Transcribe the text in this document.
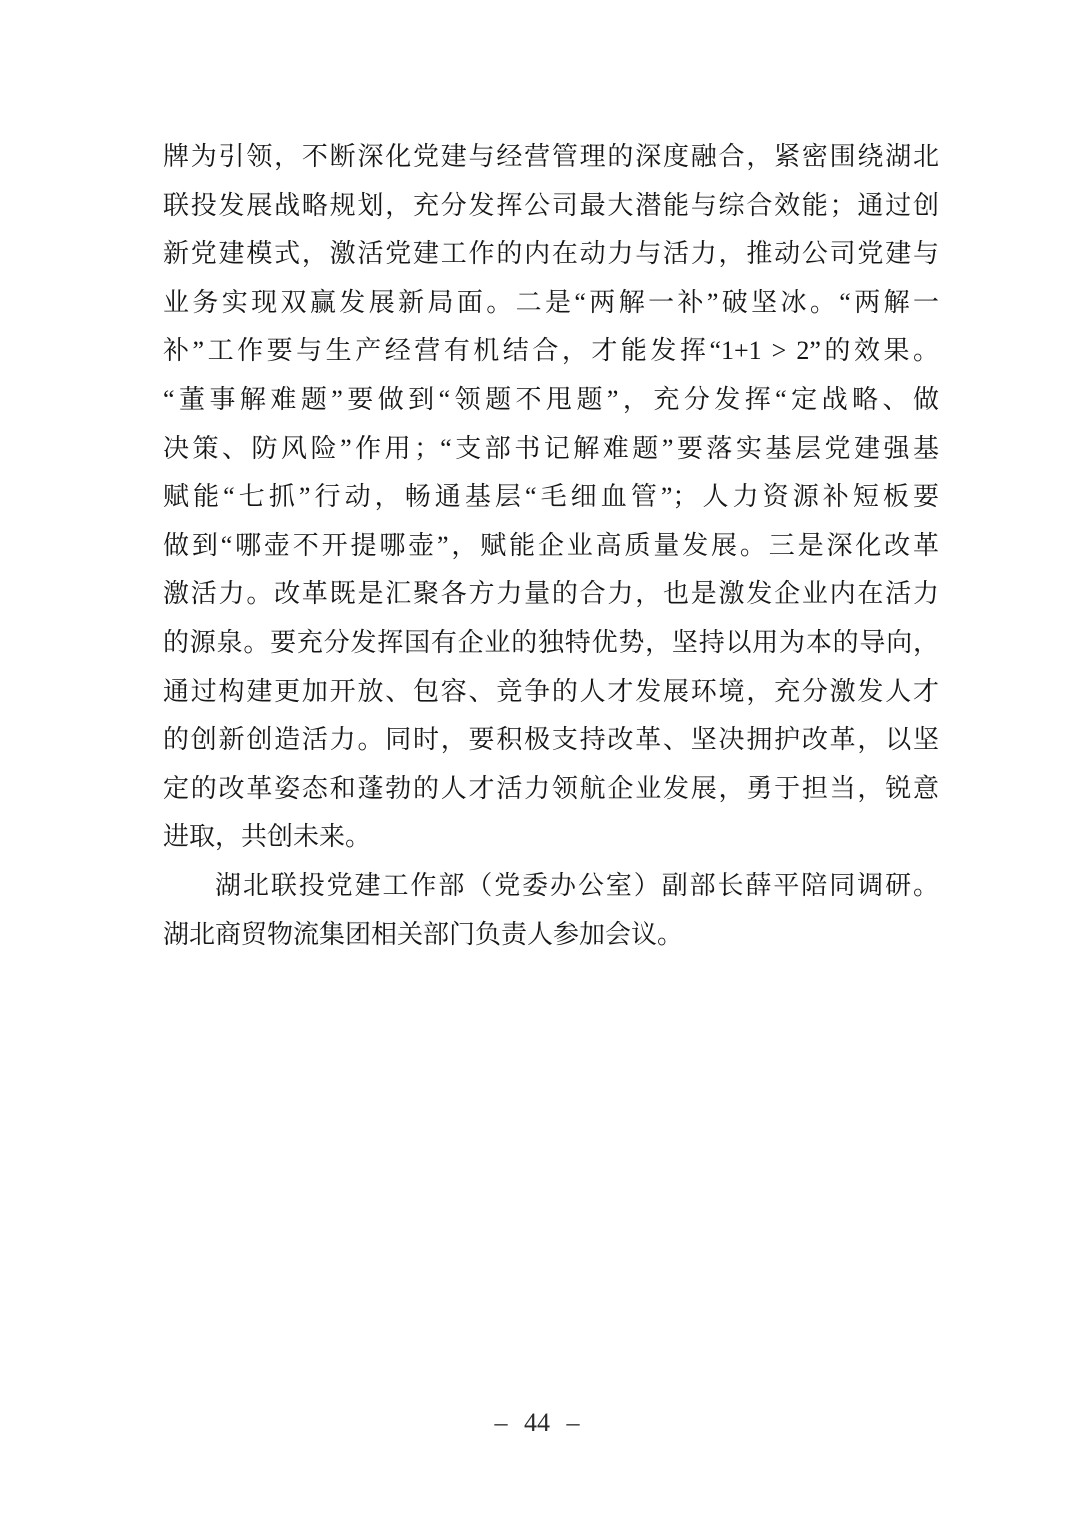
牌为引领，不断深化党建与经营管理的深度融合，紧密围绕湖北
联投发展战略规划，充分发挥公司最大潜能与综合效能；通过创
新党建模式，激活党建工作的内在动力与活力，推动公司党建与
业务实现双赢发展新局面。二是“两解一补”破坚冰。“两解一
补”工作要与生产经营有机结合，才能发挥“1+1 > 2”的效果。
“董事解难题”要做到“领题不甩题”，充分发挥“定战略、做
决策、防风险”作用；“支部书记解难题”要落实基层党建强基
赋能“七抓”行动，畅通基层“毛细血管”；人力资源补短板要
做到“哪壶不开提哪壶”，赋能企业高质量发展。三是深化改革
激活力。改革既是汇聚各方力量的合力，也是激发企业内在活力
的源泉。要充分发挥国有企业的独特优势，坚持以用为本的导向，
通过构建更加开放、包容、竞争的人才发展环境，充分激发人才
的创新创造活力。同时，要积极支持改革、坚决拥护改革，以坚
定的改革姿态和蓬勃的人才活力领航企业发展，勇于担当，锐意
进取，共创未来。
湖北联投党建工作部（党委办公室）副部长薛平陪同调研。
湖北商贸物流集团相关部门负责人参加会议。
– 44 –
